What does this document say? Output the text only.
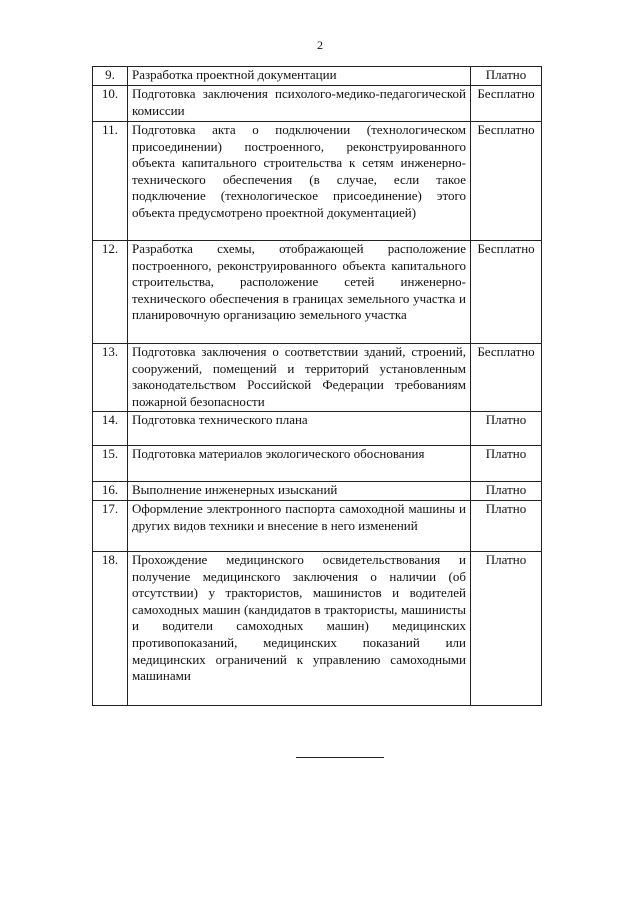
2
9.	Разработка проектной документации	Платно
10.	Подготовка заключения психолого-медико-педагогической комиссии	Бесплатно
11.	Подготовка акта о подключении (технологическом присоединении) построенного, реконструированного объекта капитального строительства к сетям инженерно-технического обеспечения (в случае, если такое подключение (технологическое присоединение) этого объекта предусмотрено проектной документацией)	Бесплатно
12.	Разработка схемы, отображающей расположение построенного, реконструированного объекта капитального строительства, расположение сетей инженерно-технического обеспечения в границах земельного участка и планировочную организацию земельного участка	Бесплатно
13.	Подготовка заключения о соответствии зданий, строений, сооружений, помещений и территорий установленным законодательством Российской Федерации требованиям пожарной безопасности	Бесплатно
14.	Подготовка технического плана	Платно
15.	Подготовка материалов экологического обоснования	Платно
16.	Выполнение инженерных изысканий	Платно
17.	Оформление электронного паспорта самоходной машины и других видов техники и внесение в него изменений	Платно
18.	Прохождение медицинского освидетельствования и получение медицинского заключения о наличии (об отсутствии) у трактористов, машинистов и водителей самоходных машин (кандидатов в трактористы, машинисты и водители самоходных машин) медицинских противопоказаний, медицинских показаний или медицинских ограничений к управлению самоходными машинами	Платно
